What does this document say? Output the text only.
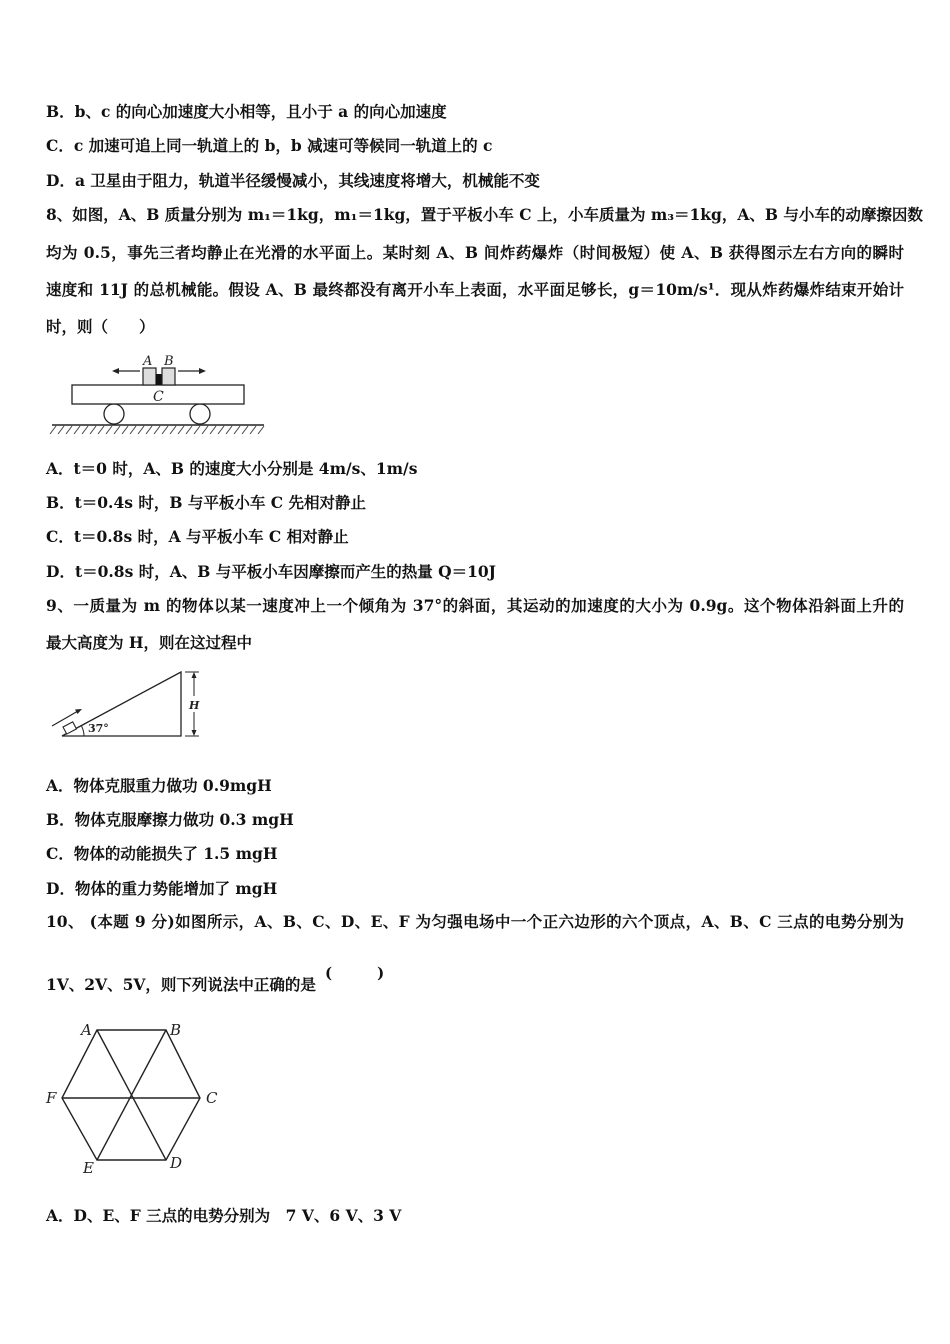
B．b、c 的向心加速度大小相等，且小于 a 的向心加速度
C．c 加速可追上同一轨道上的 b，b 减速可等候同一轨道上的 c
D．a 卫星由于阻力，轨道半径缓慢减小，其线速度将增大，机械能不变
8、如图，A、B 质量分别为 m₁＝1kg，m₁＝1kg，置于平板小车 C 上，小车质量为 m₃＝1kg，A、B 与小车的动摩擦因数
均为 0.5，事先三者均静止在光滑的水平面上。某时刻 A、B 间炸药爆炸（时间极短）使 A、B 获得图示左右方向的瞬时
速度和 11J 的总机械能。假设 A、B 最终都没有离开小车上表面，水平面足够长，g＝10m/s¹．现从炸药爆炸结束开始计
时，则（　　）
C
A B
A．t＝0 时，A、B 的速度大小分别是 4m/s、1m/s
B．t＝0.4s 时，B 与平板小车 C 先相对静止
C．t＝0.8s 时，A 与平板小车 C 相对静止
D．t＝0.8s 时，A、B 与平板小车因摩擦而产生的热量 Q＝10J
9、一质量为 m 的物体以某一速度冲上一个倾角为 37°的斜面，其运动的加速度的大小为 0.9g。这个物体沿斜面上升的
最大高度为 H，则在这过程中
H
37°
A．物体克服重力做功 0.9mgH
B．物体克服摩擦力做功 0.3 mgH
C．物体的动能损失了 1.5 mgH
D．物体的重力势能增加了 mgH
10、 (本题 9 分)如图所示，A、B、C、D、E、F 为匀强电场中一个正六边形的六个顶点，A、B、C 三点的电势分别为
1V、2V、5V，则下列说法中正确的是
(　　　)
A	B
C
D
E
F
A．D、E、F 三点的电势分别为　7 V、6 V、3 V
